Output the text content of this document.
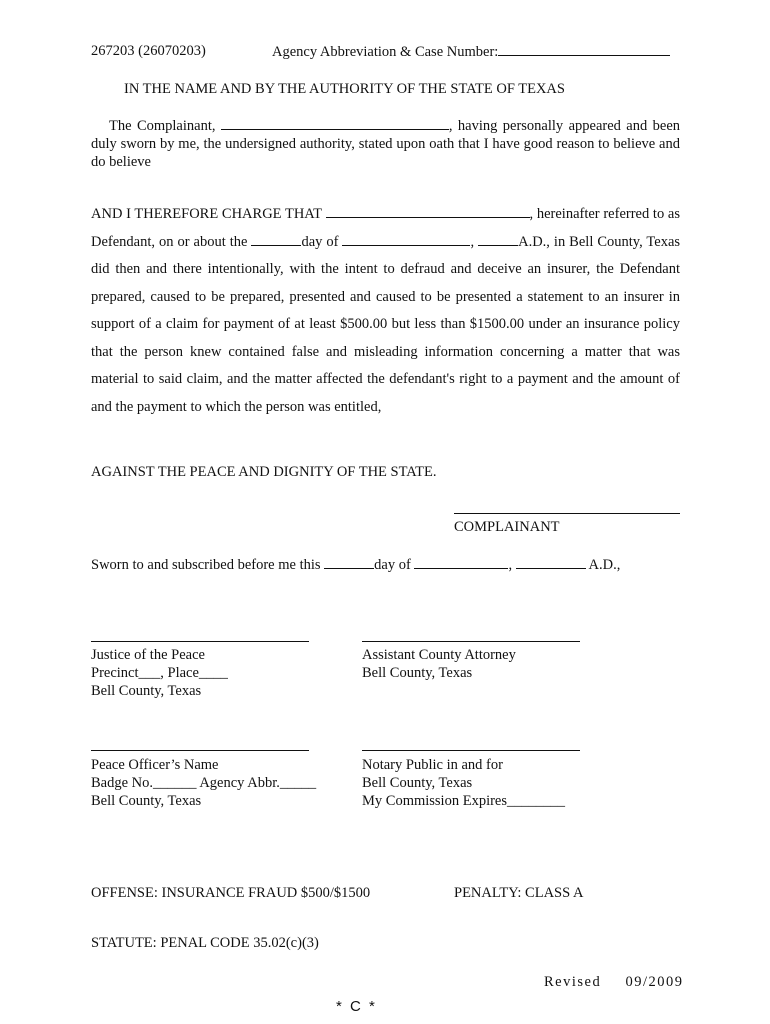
267203 (26070203)	Agency Abbreviation & Case Number:
IN THE NAME AND BY THE AUTHORITY OF THE STATE OF TEXAS
The Complainant,	, having personally appeared and been duly sworn by me, the undersigned authority, stated upon oath that I have good reason to believe and do believe
AND I THEREFORE CHARGE THAT	, hereinafter referred to as Defendant, on or about the	day of	,	A.D., in Bell County, Texas did then and there intentionally, with the intent to defraud and deceive an insurer, the Defendant prepared, caused to be prepared, presented and caused to be presented a statement to an insurer in support of a claim for payment of at least $500.00 but less than $1500.00 under an insurance policy that the person knew contained false and misleading information concerning a matter that was material to said claim, and the matter affected the defendant's right to a payment and the amount of and the payment to which the person was entitled,
AGAINST THE PEACE AND DIGNITY OF THE STATE.
COMPLAINANT
Sworn to and subscribed before me this	day of	,	A.D.,
Justice of the Peace
Precinct___, Place____
Bell County, Texas
Assistant County Attorney
Bell County, Texas
Peace Officer’s Name
Badge No.______ Agency Abbr._____
Bell County, Texas
Notary Public in and for
Bell County, Texas
My Commission Expires________
OFFENSE: INSURANCE FRAUD $500/$1500	PENALTY: CLASS A
STATUTE: PENAL CODE 35.02(c)(3)
Revised 09/2009
* C *
